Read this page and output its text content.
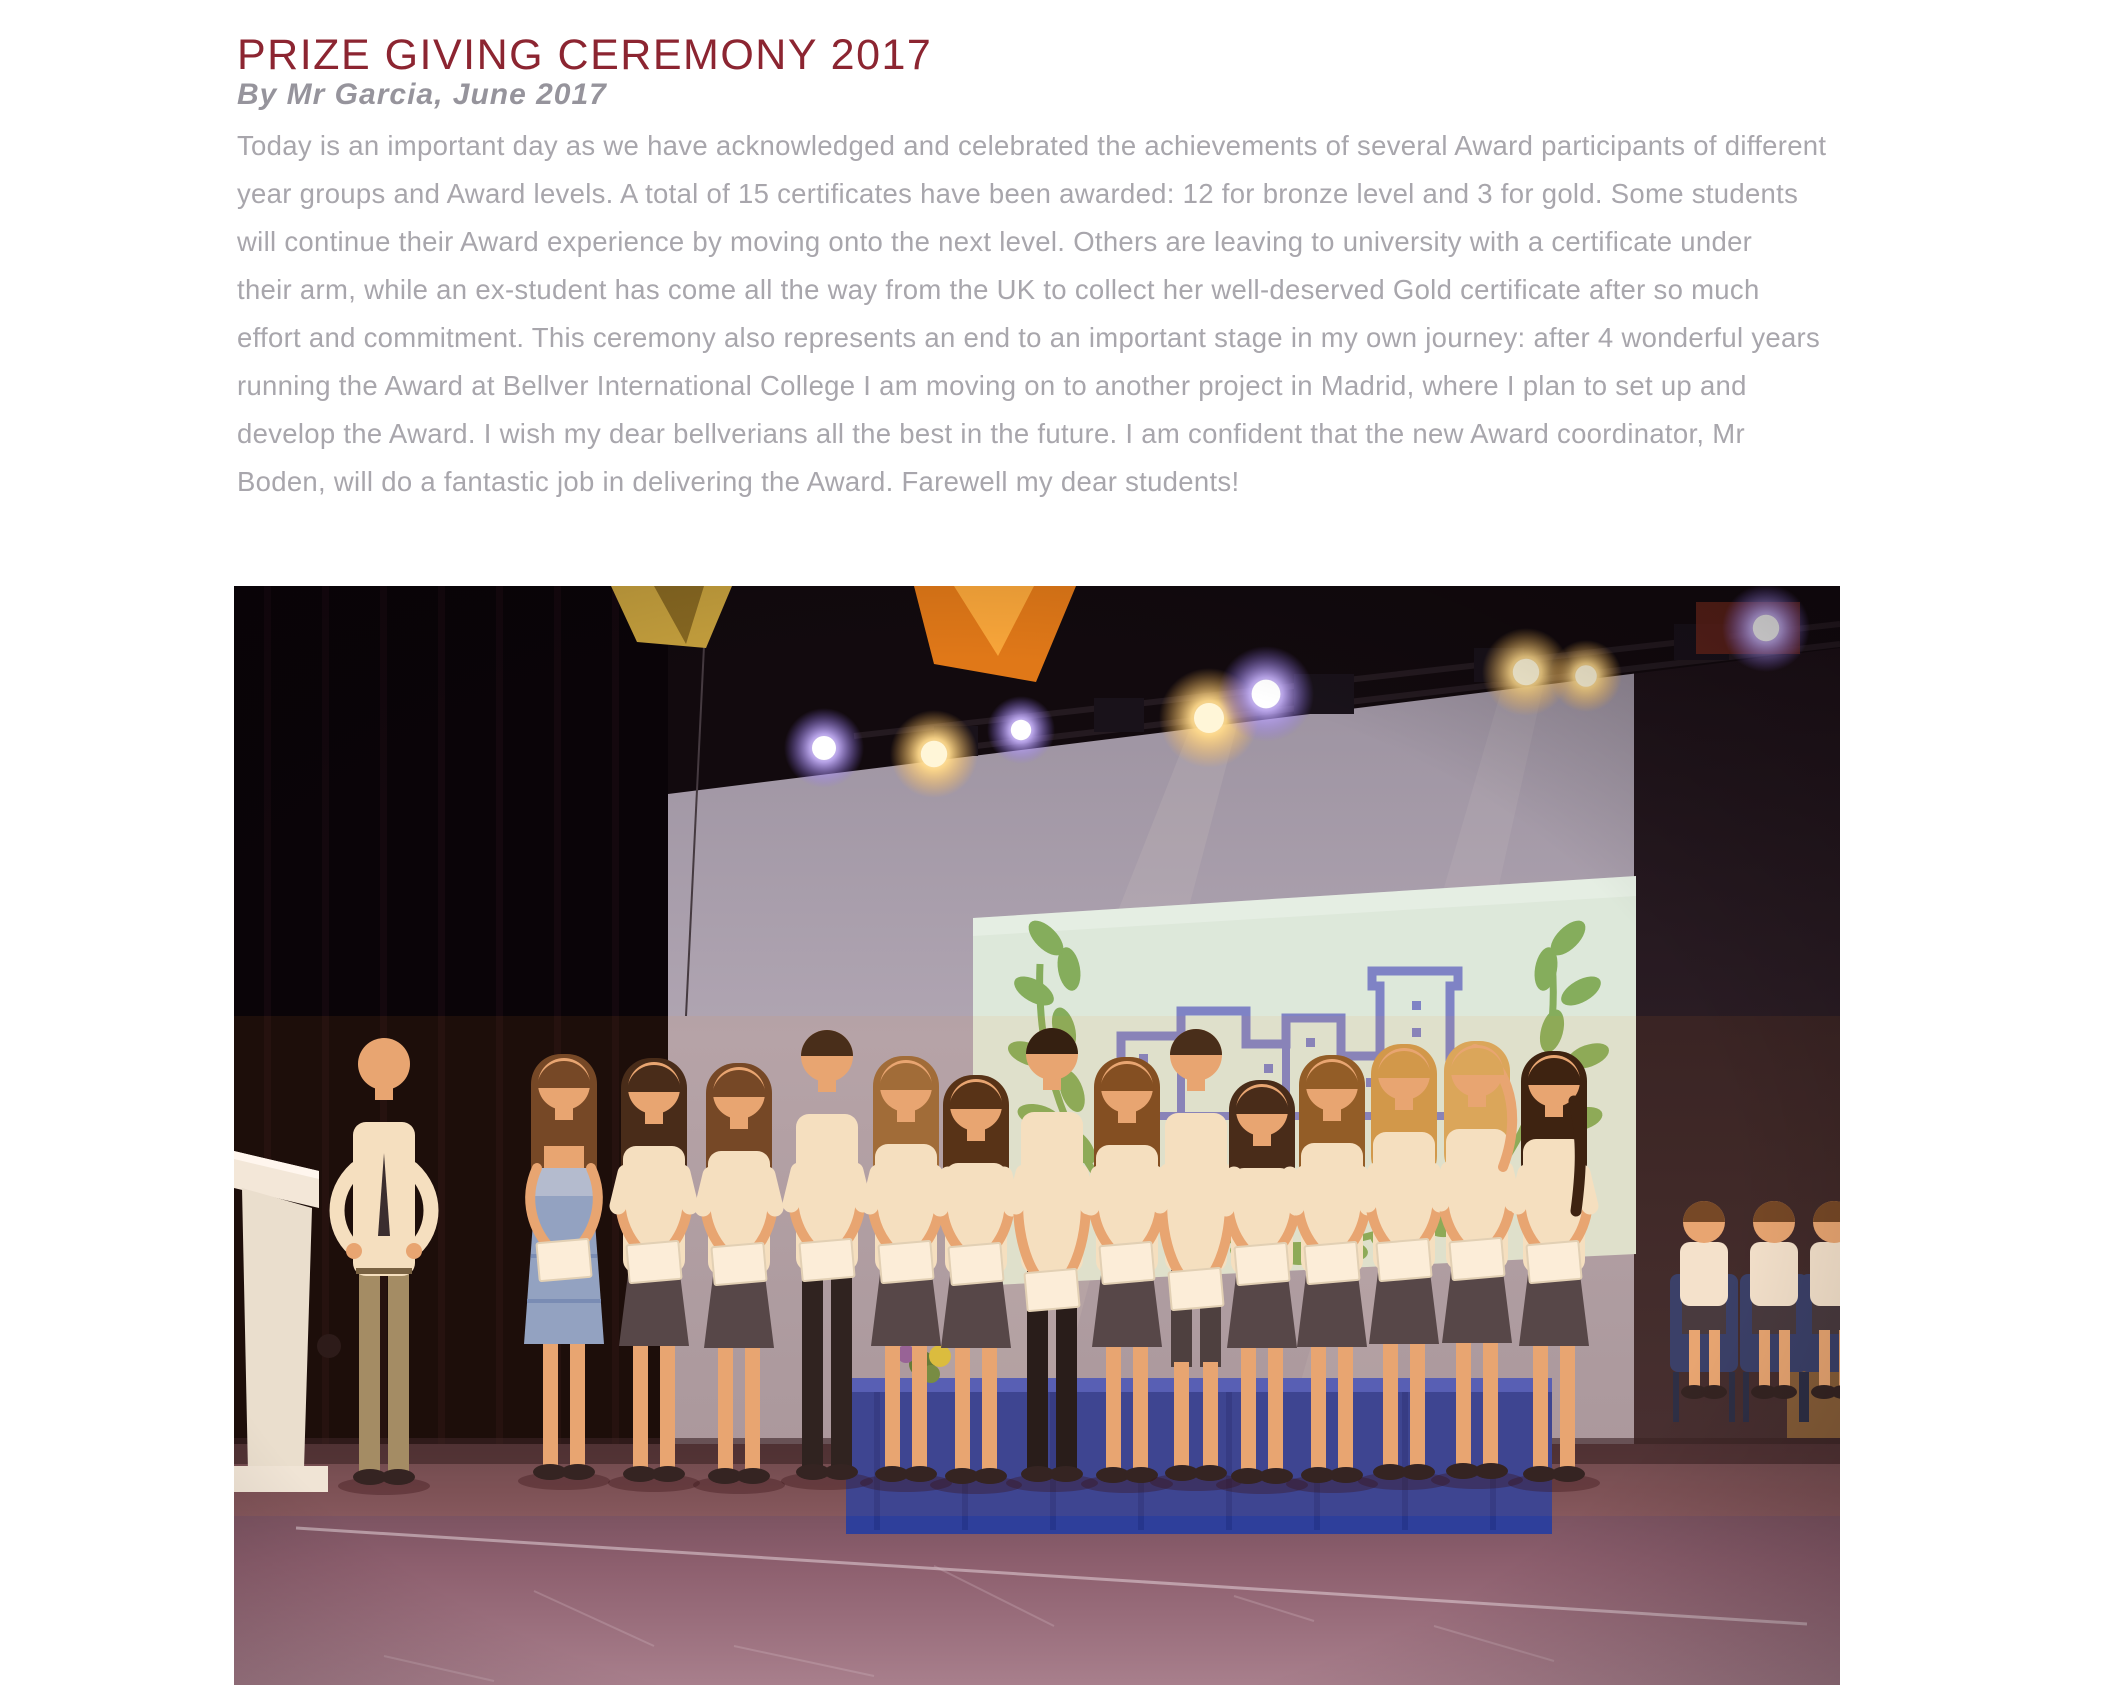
PRIZE GIVING CEREMONY 2017
By Mr Garcia, June 2017
Today is an important day as we have acknowledged and celebrated the achievements of several Award participants of different
year groups and Award levels. A total of 15 certificates have been awarded: 12 for bronze level and 3 for gold. Some students
will continue their Award experience by moving onto the next level. Others are leaving to university with a certificate under
their arm, while an ex-student has come all the way from the UK to collect her well-deserved Gold certificate after so much
effort and commitment. This ceremony also represents an end to an important stage in my own journey: after 4 wonderful years
running the Award at Bellver International College I am moving on to another project in Madrid, where I plan to set up and
develop the Award. I wish my dear bellverians all the best in the future. I am confident that the new Award coordinator, Mr
Boden, will do a fantastic job in delivering the Award. Farewell my dear students!
